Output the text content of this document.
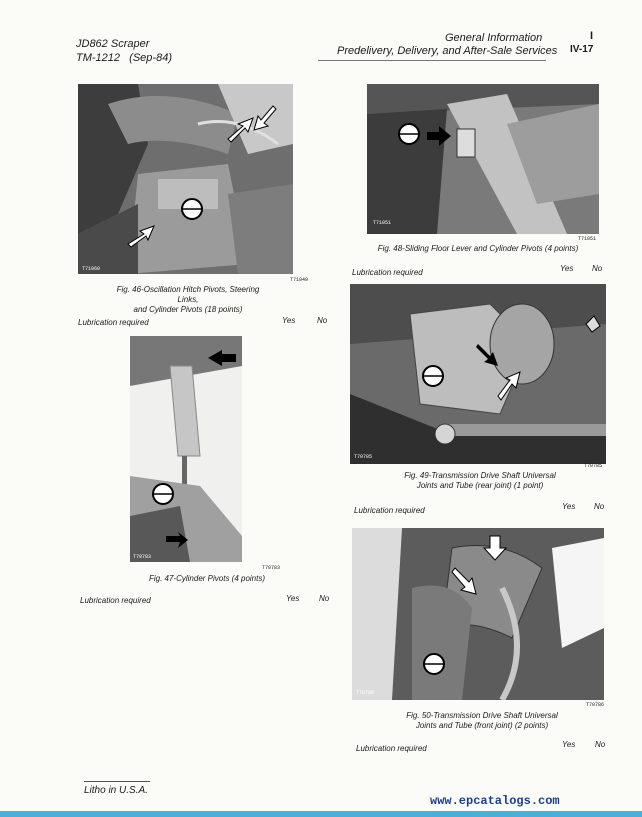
JD862 Scraper
TM-1212   (Sep-84)
General Information
Predelivery, Delivery, and After-Sale Services
I
IV-17
T71060
T71049
Fig. 46-Oscillation Hitch Pivots, Steering Links,
and Cylinder Pivots (18 points)
Lubrication required	Yes	No
T70783
T70783
Fig. 47-Cylinder Pivots (4 points)
Lubrication required	Yes No
T71051
T71051
Fig. 48-Sliding Floor Lever and Cylinder Pivots (4 points)
Lubrication required	Yes No
T70785
T70785
Fig. 49-Transmission Drive Shaft Universal
Joints and Tube (rear joint) (1 point)
Lubrication required	Yes No
T70786
T70786
Fig. 50-Transmission Drive Shaft Universal
Joints and Tube (front joint) (2 points)
Lubrication required	Yes No
Litho in U.S.A.
www.epcatalogs.com
